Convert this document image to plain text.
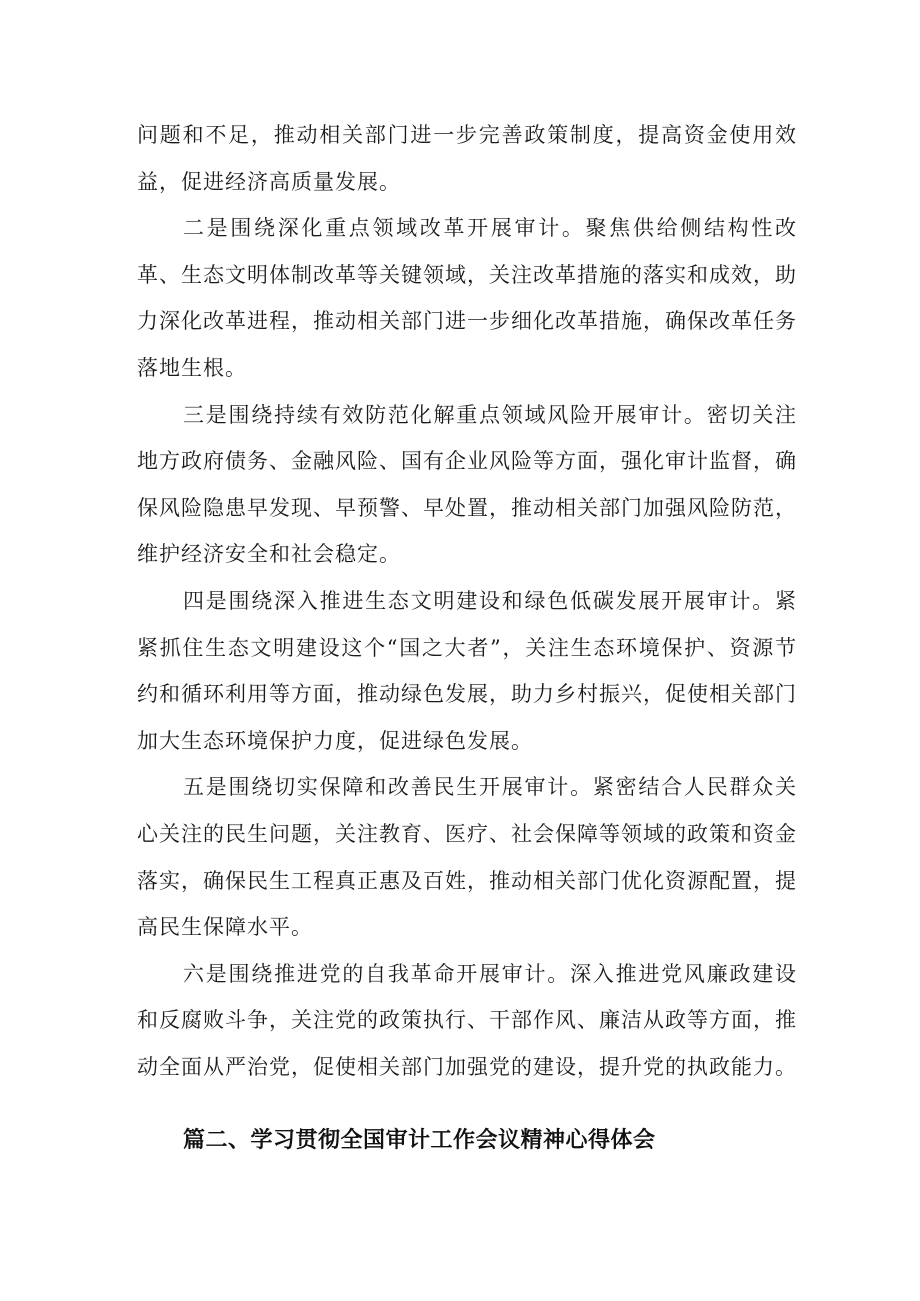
问题和不足，推动相关部门进一步完善政策制度，提高资金使用效益，促进经济高质量发展。

二是围绕深化重点领域改革开展审计。聚焦供给侧结构性改革、生态文明体制改革等关键领域，关注改革措施的落实和成效，助力深化改革进程，推动相关部门进一步细化改革措施，确保改革任务落地生根。

三是围绕持续有效防范化解重点领域风险开展审计。密切关注地方政府债务、金融风险、国有企业风险等方面，强化审计监督，确保风险隐患早发现、早预警、早处置，推动相关部门加强风险防范，维护经济安全和社会稳定。

四是围绕深入推进生态文明建设和绿色低碳发展开展审计。紧紧抓住生态文明建设这个“国之大者”，关注生态环境保护、资源节约和循环利用等方面，推动绿色发展，助力乡村振兴，促使相关部门加大生态环境保护力度，促进绿色发展。

五是围绕切实保障和改善民生开展审计。紧密结合人民群众关心关注的民生问题，关注教育、医疗、社会保障等领域的政策和资金落实，确保民生工程真正惠及百姓，推动相关部门优化资源配置，提高民生保障水平。

六是围绕推进党的自我革命开展审计。深入推进党风廉政建设和反腐败斗争，关注党的政策执行、干部作风、廉洁从政等方面，推动全面从严治党，促使相关部门加强党的建设，提升党的执政能力。

篇二、学习贯彻全国审计工作会议精神心得体会
